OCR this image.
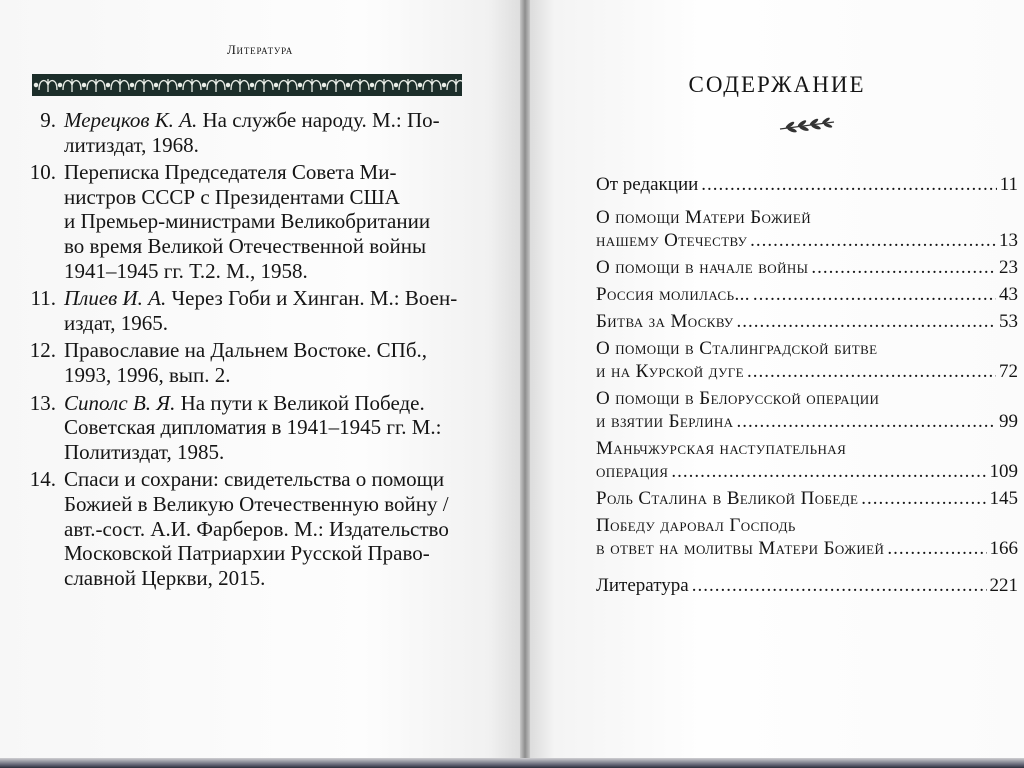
Литература
9. Мерецков К. А. На службе народу. М.: По-
литиздат, 1968.
10. Переписка Председателя Совета Ми-
нистров СССР с Президентами США
и Премьер-министрами Великобритании
во время Великой Отечественной войны
1941–1945 гг. Т.2. М., 1958.
11. Плиев И. А. Через Гоби и Хинган. М.: Воен-
издат, 1965.
12. Православие на Дальнем Востоке. СПб.,
1993, 1996, вып. 2.
13. Сиполс В. Я. На пути к Великой Победе.
Советская дипломатия в 1941–1945 гг. М.:
Политиздат, 1985.
14. Спаси и сохрани: свидетельства о помощи
Божией в Великую Отечественную войну /
авт.-сост. А.И. Фарберов. М.: Издательство
Московской Патриархии Русской Право-
славной Церкви, 2015.
СОДЕРЖАНИЕ
От редакции .....	11
О помощи Матери Божией
нашему Отечеству .....	13
О помощи в начале войны .....	23
Россия молилась... .....	43
Битва за Москву .....	53
О помощи в Сталинградской битве
и на Курской дуге .....	72
О помощи в Белорусской операции
и взятии Берлина .....	99
Маньчжурская наступательная
операция .....	109
Роль Сталина в Великой Победе .....	145
Победу даровал Господь
в ответ на молитвы Матери Божией .....	166
Литература .....	221
